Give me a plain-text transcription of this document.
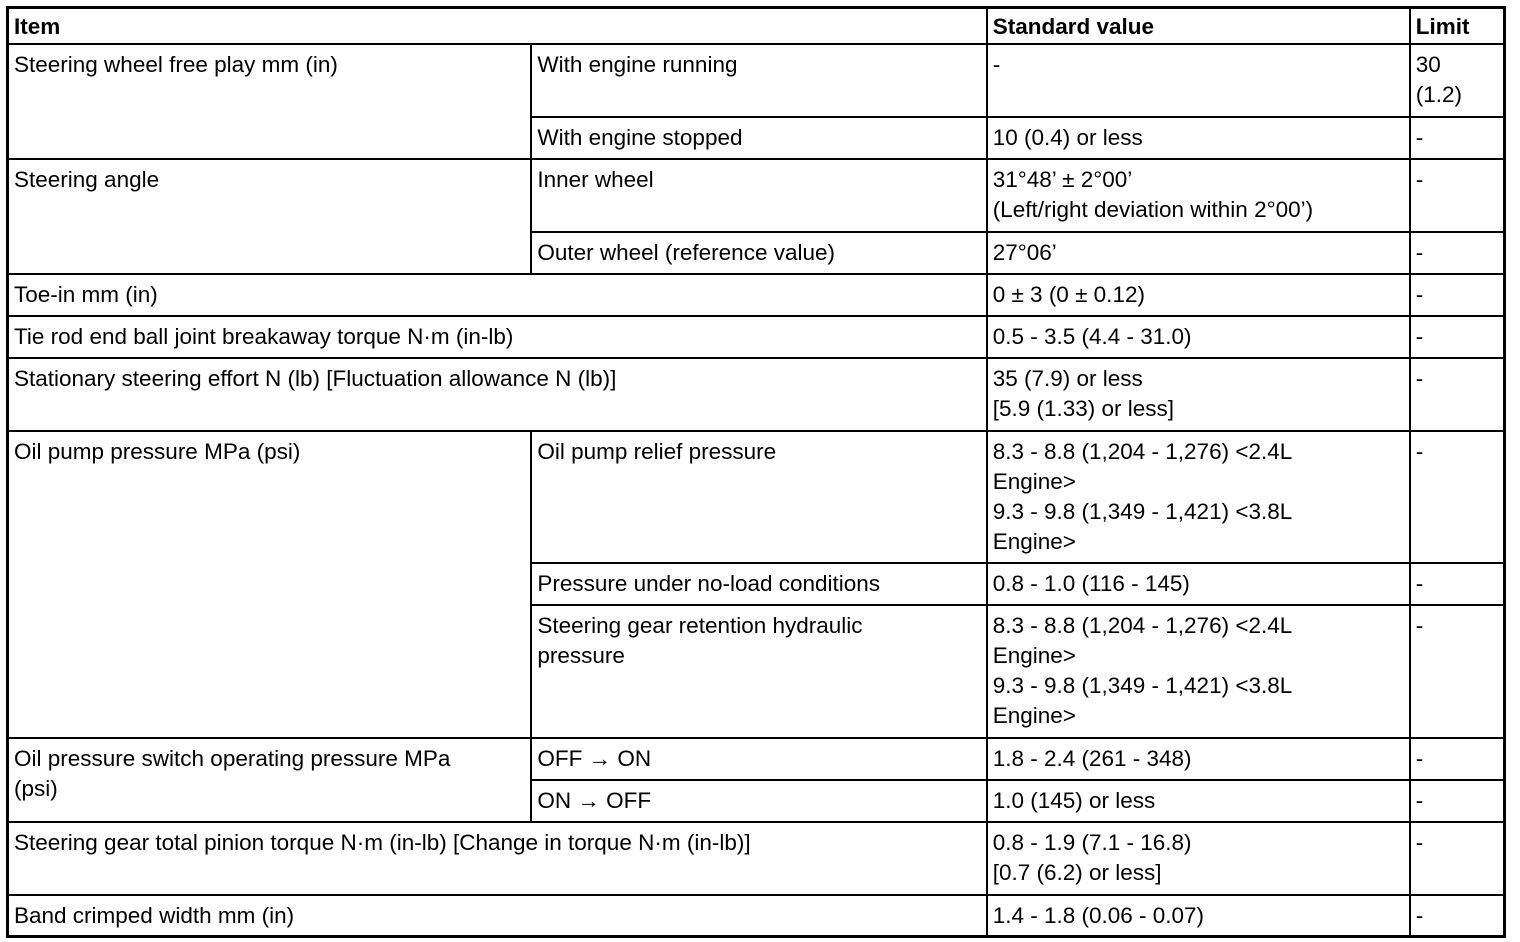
Item		Standard value	Limit
Steering wheel free play mm (in)	With engine running	-	30
(1.2)
	With engine stopped	10 (0.4) or less	-
Steering angle	Inner wheel	31°48’ ± 2°00’
(Left/right deviation within 2°00’)	-
	Outer wheel (reference value)	27°06’	-
Toe-in mm (in)		0 ± 3 (0 ± 0.12)	-
Tie rod end ball joint breakaway torque N·m (in-lb)		0.5 - 3.5 (4.4 - 31.0)	-
Stationary steering effort N (lb) [Fluctuation allowance N (lb)]		35 (7.9) or less
[5.9 (1.33) or less]	-
Oil pump pressure MPa (psi)	Oil pump relief pressure	8.3 - 8.8 (1,204 - 1,276) <2.4L
Engine>
9.3 - 9.8 (1,349 - 1,421) <3.8L
Engine>	-
	Pressure under no-load conditions	0.8 - 1.0 (116 - 145)	-
	Steering gear retention hydraulic
pressure	8.3 - 8.8 (1,204 - 1,276) <2.4L
Engine>
9.3 - 9.8 (1,349 - 1,421) <3.8L
Engine>	-
Oil pressure switch operating pressure MPa
(psi)	OFF → ON	1.8 - 2.4 (261 - 348)	-
	ON → OFF	1.0 (145) or less	-
Steering gear total pinion torque N·m (in-lb) [Change in torque N·m (in-lb)]		0.8 - 1.9 (7.1 - 16.8)
[0.7 (6.2) or less]	-
Band crimped width mm (in)		1.4 - 1.8 (0.06 - 0.07)	-
